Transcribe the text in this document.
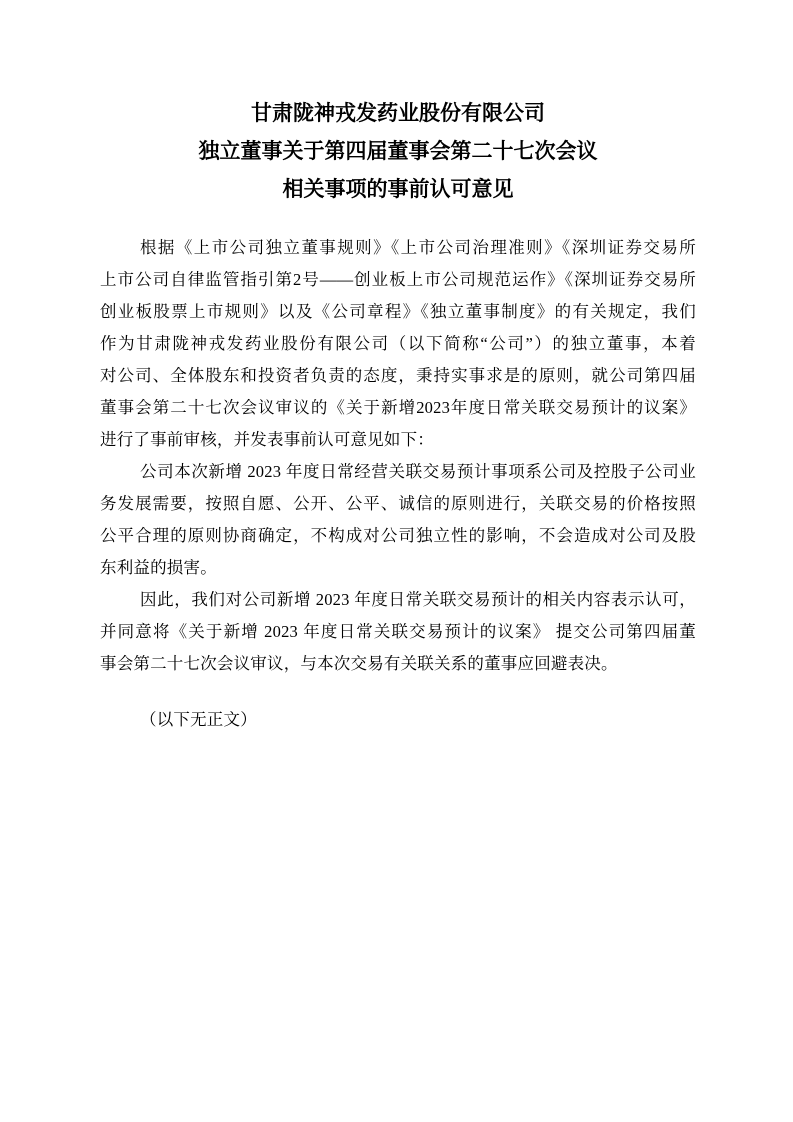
甘肃陇神戎发药业股份有限公司
独立董事关于第四届董事会第二十七次会议
相关事项的事前认可意见
根据《上市公司独立董事规则》《上市公司治理准则》《深圳证券交易所
上市公司自律监管指引第2号——创业板上市公司规范运作》《深圳证券交易所
创业板股票上市规则》以及《公司章程》《独立董事制度》的有关规定，我们
作为甘肃陇神戎发药业股份有限公司（以下简称“公司”）的独立董事，本着
对公司、全体股东和投资者负责的态度，秉持实事求是的原则，就公司第四届
董事会第二十七次会议审议的《关于新增2023年度日常关联交易预计的议案》
进行了事前审核，并发表事前认可意见如下：
公司本次新增 2023 年度日常经营关联交易预计事项系公司及控股子公司业
务发展需要，按照自愿、公开、公平、诚信的原则进行，关联交易的价格按照
公平合理的原则协商确定，不构成对公司独立性的影响，不会造成对公司及股
东利益的损害。
因此，我们对公司新增 2023 年度日常关联交易预计的相关内容表示认可，
并同意将《关于新增 2023 年度日常关联交易预计的议案》 提交公司第四届董
事会第二十七次会议审议，与本次交易有关联关系的董事应回避表决。
（以下无正文）
